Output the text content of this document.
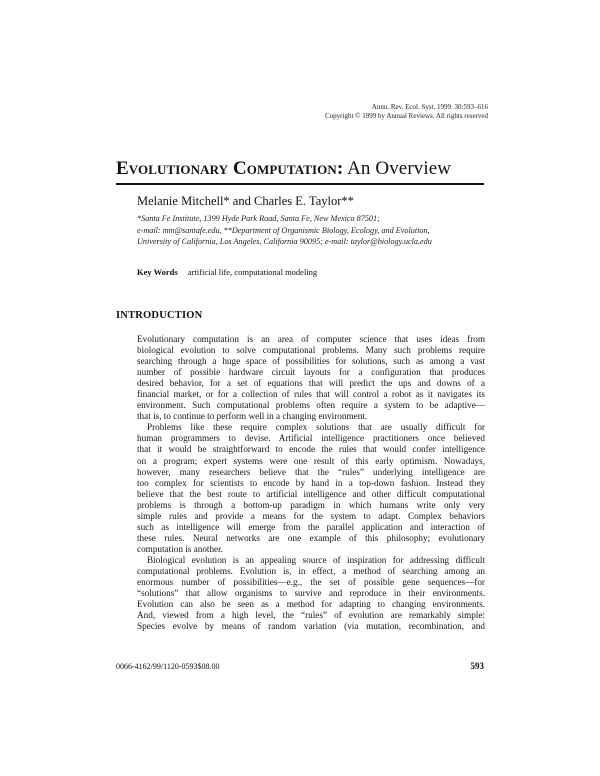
Annu. Rev. Ecol. Syst. 1999. 30:593–616
Copyright © 1999 by Annual Reviews. All rights reserved
Evolutionary Computation: An Overview
Melanie Mitchell* and Charles E. Taylor**
*Santa Fe Institute, 1399 Hyde Park Road, Santa Fe, New Mexico 87501;
e-mail: mm@santafe.edu, **Department of Organismic Biology, Ecology, and Evolution,
University of California, Los Angeles, California 90095; e-mail: taylor@biology.ucla.edu
Key Words artificial life, computational modeling
INTRODUCTION
Evolutionary computation is an area of computer science that uses ideas from
biological evolution to solve computational problems. Many such problems require
searching through a huge space of possibilities for solutions, such as among a vast
number of possible hardware circuit layouts for a configuration that produces
desired behavior, for a set of equations that will predict the ups and downs of a
financial market, or for a collection of rules that will control a robot as it navigates its
environment. Such computational problems often require a system to be adaptive—
that is, to continue to perform well in a changing environment.
Problems like these require complex solutions that are usually difficult for
human programmers to devise. Artificial intelligence practitioners once believed
that it would be straightforward to encode the rules that would confer intelligence
on a program; expert systems were one result of this early optimism. Nowadays,
however, many researchers believe that the “rules” underlying intelligence are
too complex for scientists to encode by hand in a top-down fashion. Instead they
believe that the best route to artificial intelligence and other difficult computational
problems is through a bottom-up paradigm in which humans write only very
simple rules and provide a means for the system to adapt. Complex behaviors
such as intelligence will emerge from the parallel application and interaction of
these rules. Neural networks are one example of this philosophy; evolutionary
computation is another.
Biological evolution is an appealing source of inspiration for addressing difficult
computational problems. Evolution is, in effect, a method of searching among an
enormous number of possibilities—e.g., the set of possible gene sequences—for
“solutions” that allow organisms to survive and reproduce in their environments.
Evolution can also be seen as a method for adapting to changing environments.
And, viewed from a high level, the “rules” of evolution are remarkably simple:
Species evolve by means of random variation (via mutation, recombination, and
0066-4162/99/1120-0593$08.00	593
